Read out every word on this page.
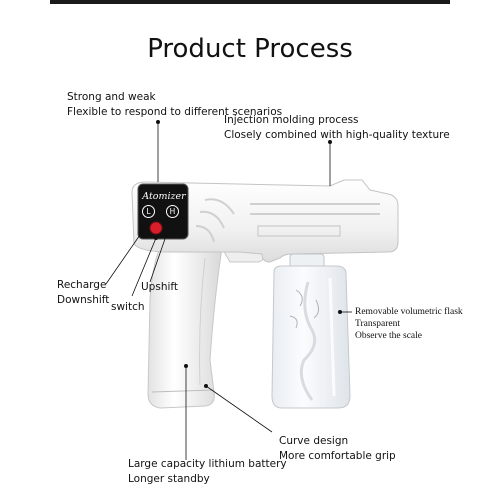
Product Process
Atomizer
L	H
Strong and weak
Flexible to respond to different scenarios
Injection molding process
Closely combined with high-quality texture
Recharge
Downshift
Upshift
switch	Removable volumetric flask
Transparent
Observe the scale
Curve design
More comfortable grip
Large capacity lithium battery
Longer standby
